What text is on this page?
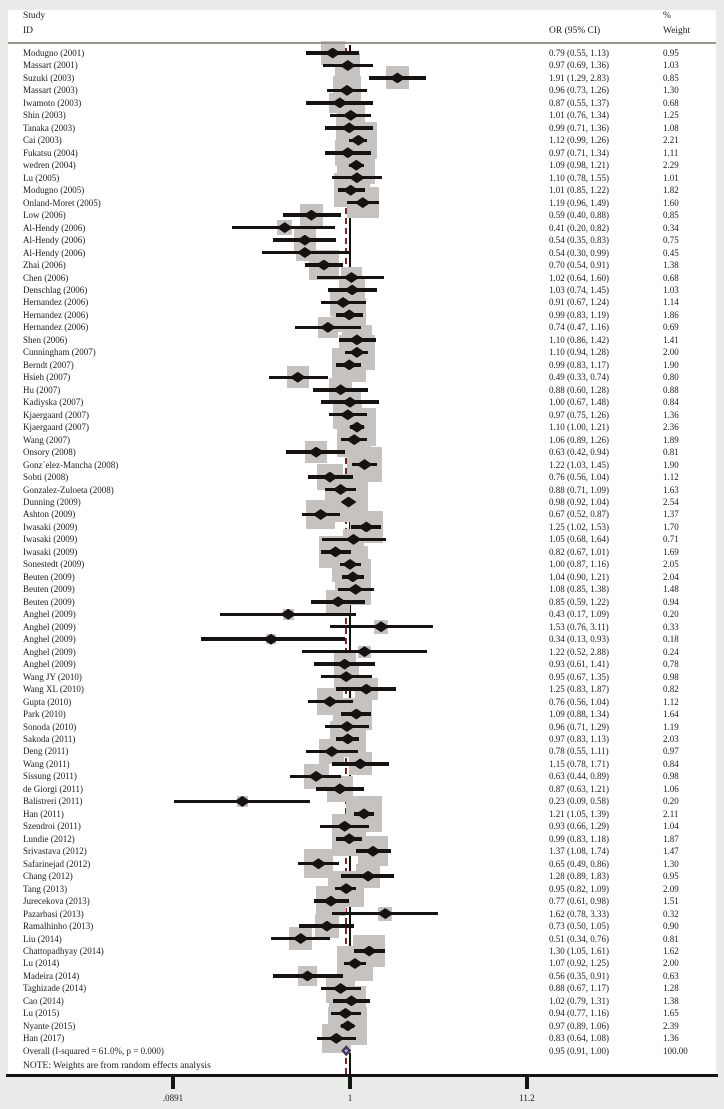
Study
ID	OR (95% CI)
%
Weight
Modugno (2001)	0.79 (0.55, 1.13)	0.95
Massart (2001)	0.97 (0.69, 1.36)	1.03
Suzuki (2003)	1.91 (1.29, 2.83)	0.85
Massart (2003)	0.96 (0.73, 1.26)	1.30
Iwamoto (2003)	0.87 (0.55, 1.37)	0.68
Shin (2003)	1.01 (0.76, 1.34)	1.25
Tanaka (2003)	0.99 (0.71, 1.36)	1.08
Cai (2003)	1.12 (0.99, 1.26)	2.21
Fukatsu (2004)	0.97 (0.71, 1.34)	1.11
wedren (2004)	1.09 (0.98, 1.21)	2.29
Lu (2005)	1.10 (0.78, 1.55)	1.01
Modugno (2005)	1.01 (0.85, 1.22)	1.82
Onland-Moret (2005)	1.19 (0.96, 1.49)	1.60
Low (2006)	0.59 (0.40, 0.88)	0.85
Al-Hendy (2006)	0.41 (0.20, 0.82)	0.34
Al-Hendy (2006)	0.54 (0.35, 0.83)	0.75
Al-Hendy (2006)	0.54 (0.30, 0.99)	0.45
Zhai (2006)	0.70 (0.54, 0.91)	1.38
Chen (2006)	1.02 (0.64, 1.60)	0.68
Denschlag (2006)	1.03 (0.74, 1.45)	1.03
Hernandez (2006)	0.91 (0.67, 1.24)	1.14
Hernandez (2006)	0.99 (0.83, 1.19)	1.86
Hernandez (2006)	0.74 (0.47, 1.16)	0.69
Shen (2006)	1.10 (0.86, 1.42)	1.41
Cunningham (2007)	1.10 (0.94, 1.28)	2.00
Berndt (2007)	0.99 (0.83, 1.17)	1.90
Hsieh (2007)	0.49 (0.33, 0.74)	0.80
Hu (2007)	0.88 (0.60, 1.28)	0.88
Kadiyska (2007)	1.00 (0.67, 1.48)	0.84
Kjaergaard (2007)	0.97 (0.75, 1.26)	1.36
Kjaergaard (2007)	1.10 (1.00, 1.21)	2.36
Wang (2007)	1.06 (0.89, 1.26)	1.89
Onsory (2008)	0.63 (0.42, 0.94)	0.81
Gonz´elez-Mancha (2008)	1.22 (1.03, 1.45)	1.90
Sobti (2008)	0.76 (0.56, 1.04)	1.12
Gonzalez-Zuloeta (2008)	0.88 (0.71, 1.09)	1.63
Dunning (2009)	0.98 (0.92, 1.04)	2.54
Ashton (2009)	0.67 (0.52, 0.87)	1.37
Iwasaki (2009)	1.25 (1.02, 1.53)	1.70
Iwasaki (2009)	1.05 (0.68, 1.64)	0.71
Iwasaki (2009)	0.82 (0.67, 1.01)	1.69
Sonestedt (2009)	1.00 (0.87, 1.16)	2.05
Beuten (2009)	1.04 (0.90, 1.21)	2.04
Beuten (2009)	1.08 (0.85, 1.38)	1.48
Beuten (2009)	0.85 (0.59, 1.22)	0.94
Anghel (2009)	0.43 (0.17, 1.09)	0.20
Anghel (2009)	1.53 (0.76, 3.11)	0.33
Anghel (2009)	0.34 (0.13, 0.93)	0.18
Anghel (2009)	1.22 (0.52, 2.88)	0.24
Anghel (2009)	0.93 (0.61, 1.41)	0.78
Wang JY (2010)	0.95 (0.67, 1.35)	0.98
Wang XL (2010)	1.25 (0.83, 1.87)	0.82
Gupta (2010)	0.76 (0.56, 1.04)	1.12
Park (2010)	1.09 (0.88, 1.34)	1.64
Sonoda (2010)	0.96 (0.71, 1.29)	1.19
Sakoda (2011)	0.97 (0.83, 1.13)	2.03
Deng (2011)	0.78 (0.55, 1.11)	0.97
Wang (2011)	1.15 (0.78, 1.71)	0.84
Sissung (2011)	0.63 (0.44, 0.89)	0.98
de Giorgi (2011)	0.87 (0.63, 1.21)	1.06
Balistreri (2011)	0.23 (0.09, 0.58)	0.20
Han (2011)	1.21 (1.05, 1.39)	2.11
Szendroi (2011)	0.93 (0.66, 1.29)	1.04
Lundie (2012)	0.99 (0.83, 1.18)	1.87
Srivastava (2012)	1.37 (1.08, 1.74)	1.47
Safarinejad (2012)	0.65 (0.49, 0.86)	1.30
Chang (2012)	1.28 (0.89, 1.83)	0.95
Tang (2013)	0.95 (0.82, 1.09)	2.09
Jurecekova (2013)	0.77 (0.61, 0.98)	1.51
Pazarbasi (2013)	1.62 (0.78, 3.33)	0.32
Ramalhinho (2013)	0.73 (0.50, 1.05)	0.90
Liu (2014)	0.51 (0.34, 0.76)	0.81
Chattopadhyay (2014)	1.30 (1.05, 1.61)	1.62
Lu (2014)	1.07 (0.92, 1.25)	2.00
Madeira (2014)	0.56 (0.35, 0.91)	0.63
Taghizade (2014)	0.88 (0.67, 1.17)	1.28
Cao (2014)	1.02 (0.79, 1.31)	1.38
Lu (2015)	0.94 (0.77, 1.16)	1.65
Nyante (2015)	0.97 (0.89, 1.06)	2.39
Han (2017)	0.83 (0.64, 1.08)	1.36
Overall (I-squared = 61.0%, p = 0.000)	0.95 (0.91, 1.00)	100.00
NOTE: Weights are from random effects analysis
.0891	1	11.2
